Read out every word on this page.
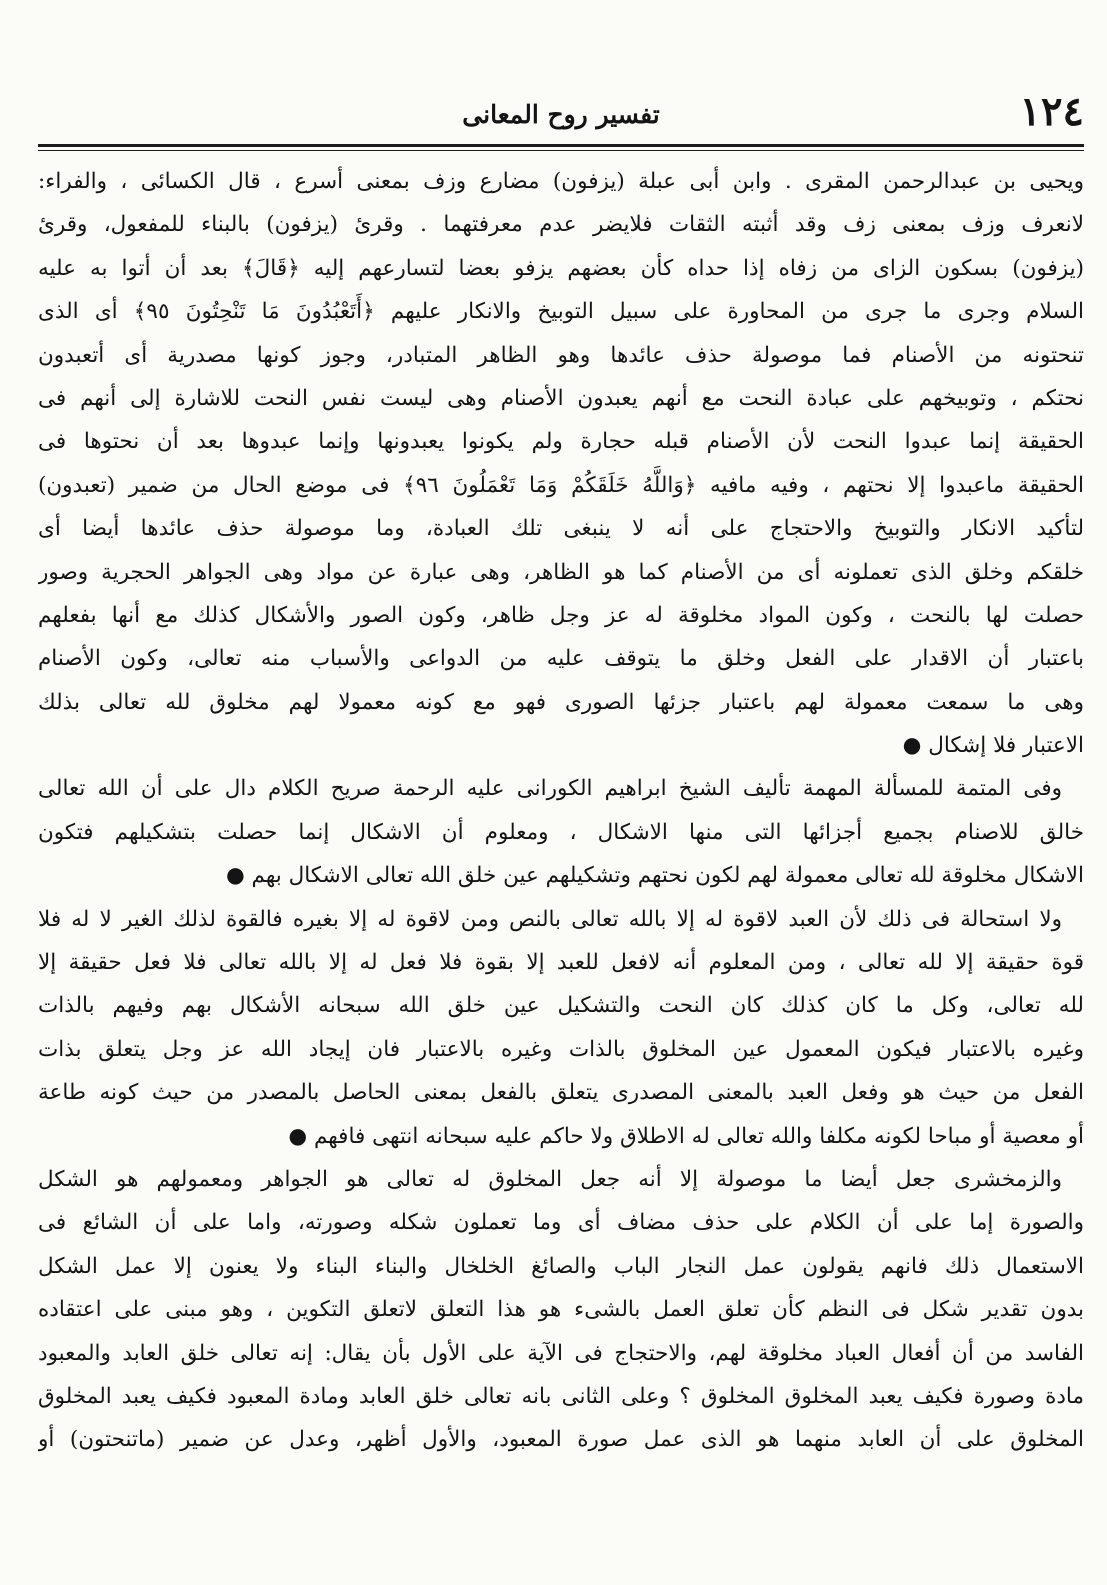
١٢٤
تفسير روح المعانى
ويحيى بن عبدالرحمن المقرى . وابن أبى عبلة (يزفون) مضارع وزف بمعنى أسرع ، قال الكسائى ، والفراء:
لانعرف وزف بمعنى زف وقد أثبته الثقات فلايضر عدم معرفتهما . وقرئ (يزفون) بالبناء للمفعول، وقرئ
(يزفون) بسكون الزاى من زفاه إذا حداه كأن بعضهم يزفو بعضا لتسارعهم إليه ﴿قَالَ﴾ بعد أن أتوا به عليه
السلام وجرى ما جرى من المحاورة على سبيل التوبيخ والانكار عليهم ﴿أَتَعْبُدُونَ مَا تَنْحِتُونَ ٩٥﴾ أى الذى
تنحتونه من الأصنام فما موصولة حذف عائدها وهو الظاهر المتبادر، وجوز كونها مصدرية أى أتعبدون
نحتكم ، وتوبيخهم على عبادة النحت مع أنهم يعبدون الأصنام وهى ليست نفس النحت للاشارة إلى أنهم فى
الحقيقة إنما عبدوا النحت لأن الأصنام قبله حجارة ولم يكونوا يعبدونها وإنما عبدوها بعد أن نحتوها فى
الحقيقة ماعبدوا إلا نحتهم ، وفيه مافيه ﴿وَاللَّهُ خَلَقَكُمْ وَمَا تَعْمَلُونَ ٩٦﴾ فى موضع الحال من ضمير (تعبدون)
لتأكيد الانكار والتوبيخ والاحتجاج على أنه لا ينبغى تلك العبادة، وما موصولة حذف عائدها أيضا أى
خلقكم وخلق الذى تعملونه أى من الأصنام كما هو الظاهر، وهى عبارة عن مواد وهى الجواهر الحجرية وصور
حصلت لها بالنحت ، وكون المواد مخلوقة له عز وجل ظاهر، وكون الصور والأشكال كذلك مع أنها بفعلهم
باعتبار أن الاقدار على الفعل وخلق ما يتوقف عليه من الدواعى والأسباب منه تعالى، وكون الأصنام
وهى ما سمعت معمولة لهم باعتبار جزئها الصورى فهو مع كونه معمولا لهم مخلوق لله تعالى بذلك
الاعتبار فلا إشكال ●
وفى المتمة للمسألة المهمة تأليف الشيخ ابراهيم الكورانى عليه الرحمة صريح الكلام دال على أن الله تعالى
خالق للاصنام بجميع أجزائها التى منها الاشكال ، ومعلوم أن الاشكال إنما حصلت بتشكيلهم فتكون
الاشكال مخلوقة لله تعالى معمولة لهم لكون نحتهم وتشكيلهم عين خلق الله تعالى الاشكال بهم ●
ولا استحالة فى ذلك لأن العبد لاقوة له إلا بالله تعالى بالنص ومن لاقوة له إلا بغيره فالقوة لذلك الغير لا له فلا
قوة حقيقة إلا لله تعالى ، ومن المعلوم أنه لافعل للعبد إلا بقوة فلا فعل له إلا بالله تعالى فلا فعل حقيقة إلا
لله تعالى، وكل ما كان كذلك كان النحت والتشكيل عين خلق الله سبحانه الأشكال بهم وفيهم بالذات
وغيره بالاعتبار فيكون المعمول عين المخلوق بالذات وغيره بالاعتبار فان إيجاد الله عز وجل يتعلق بذات
الفعل من حيث هو وفعل العبد بالمعنى المصدرى يتعلق بالفعل بمعنى الحاصل بالمصدر من حيث كونه طاعة
أو معصية أو مباحا لكونه مكلفا والله تعالى له الاطلاق ولا حاكم عليه سبحانه انتهى فافهم ●
والزمخشرى جعل أيضا ما موصولة إلا أنه جعل المخلوق له تعالى هو الجواهر ومعمولهم هو الشكل
والصورة إما على أن الكلام على حذف مضاف أى وما تعملون شكله وصورته، واما على أن الشائع فى
الاستعمال ذلك فانهم يقولون عمل النجار الباب والصائغ الخلخال والبناء البناء ولا يعنون إلا عمل الشكل
بدون تقدير شكل فى النظم كأن تعلق العمل بالشىء هو هذا التعلق لاتعلق التكوين ، وهو مبنى على اعتقاده
الفاسد من أن أفعال العباد مخلوقة لهم، والاحتجاج فى الآية على الأول بأن يقال: إنه تعالى خلق العابد والمعبود
مادة وصورة فكيف يعبد المخلوق المخلوق ؟ وعلى الثانى بانه تعالى خلق العابد ومادة المعبود فكيف يعبد المخلوق
المخلوق على أن العابد منهما هو الذى عمل صورة المعبود، والأول أظهر، وعدل عن ضمير (ماتنحتون) أو
